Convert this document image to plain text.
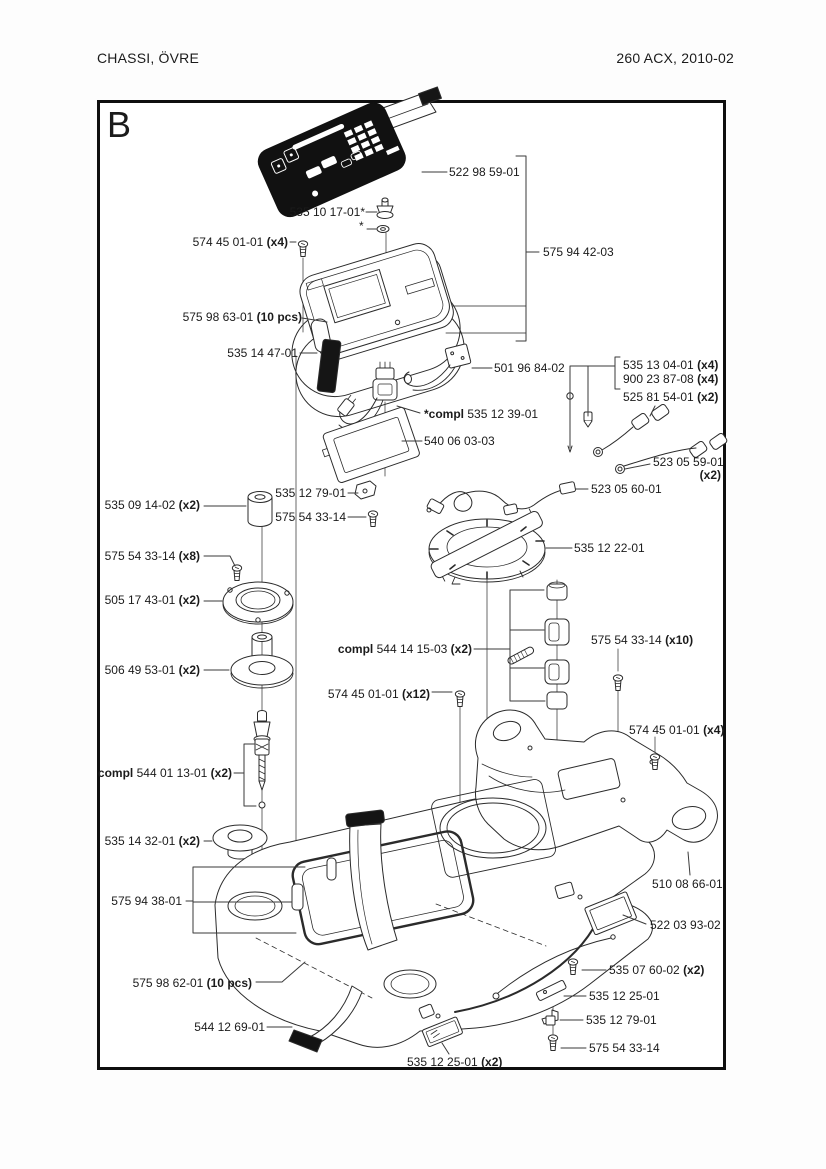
CHASSI, ÖVRE	260 ACX, 2010-02
B
522 98 59-01
535 10 17-01*
*
574 45 01-01 (x4)
575 94 42-03
575 98 63-01 (10 pcs)
535 14 47-01
501 96 84-02	535 13 04-01 (x4)
900 23 87-08 (x4)
525 81 54-01 (x2)
*compl 535 12 39-01
540 06 03-03
523 05 59-01
(x2)
523 05 60-01
535 12 79-01
535 09 14-02 (x2)
575 54 33-14
575 54 33-14 (x8)
535 12 22-01
505 17 43-01 (x2)
506 49 53-01 (x2)
compl 544 14 15-03 (x2)
575 54 33-14 (x10)
574 45 01-01 (x12)
574 45 01-01 (x4)
compl 544 01 13-01 (x2)
535 14 32-01 (x2)
510 08 66-01
575 94 38-01
522 03 93-02
535 07 60-02 (x2)
575 98 62-01 (10 pcs)
535 12 25-01
535 12 79-01
544 12 69-01
575 54 33-14
535 12 25-01 (x2)
